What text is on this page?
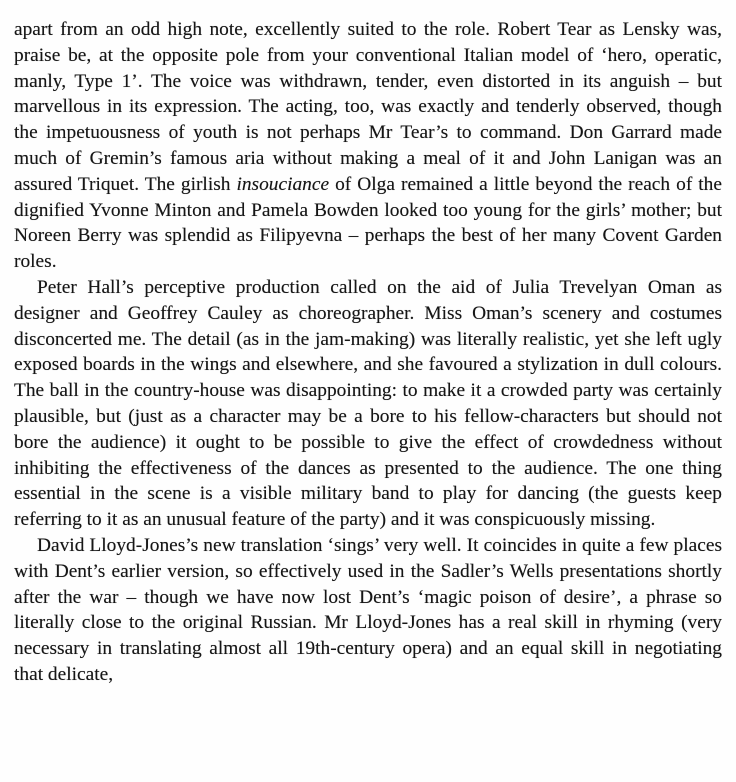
apart from an odd high note, excellently suited to the role. Robert Tear as Lensky was, praise be, at the opposite pole from your conventional Italian model of ‘hero, operatic, manly, Type 1’. The voice was withdrawn, tender, even distorted in its anguish – but marvellous in its expression. The acting, too, was exactly and tenderly observed, though the impetuousness of youth is not perhaps Mr Tear’s to command. Don Garrard made much of Gremin’s famous aria without making a meal of it and John Lanigan was an assured Triquet. The girlish insouciance of Olga remained a little beyond the reach of the dignified Yvonne Minton and Pamela Bowden looked too young for the girls’ mother; but Noreen Berry was splendid as Filipyevna – perhaps the best of her many Covent Garden roles.

Peter Hall’s perceptive production called on the aid of Julia Trevelyan Oman as designer and Geoffrey Cauley as choreographer. Miss Oman’s scenery and costumes disconcerted me. The detail (as in the jam-making) was literally realistic, yet she left ugly exposed boards in the wings and elsewhere, and she favoured a stylization in dull colours. The ball in the country-house was disappointing: to make it a crowded party was certainly plausible, but (just as a character may be a bore to his fellow-characters but should not bore the audience) it ought to be possible to give the effect of crowdedness without inhibiting the effectiveness of the dances as presented to the audience. The one thing essential in the scene is a visible military band to play for dancing (the guests keep referring to it as an unusual feature of the party) and it was conspicuously missing.

David Lloyd-Jones’s new translation ‘sings’ very well. It coincides in quite a few places with Dent’s earlier version, so effectively used in the Sadler’s Wells presentations shortly after the war – though we have now lost Dent’s ‘magic poison of desire’, a phrase so literally close to the original Russian. Mr Lloyd-Jones has a real skill in rhyming (very necessary in translating almost all 19th-century opera) and an equal skill in negotiating that delicate,
